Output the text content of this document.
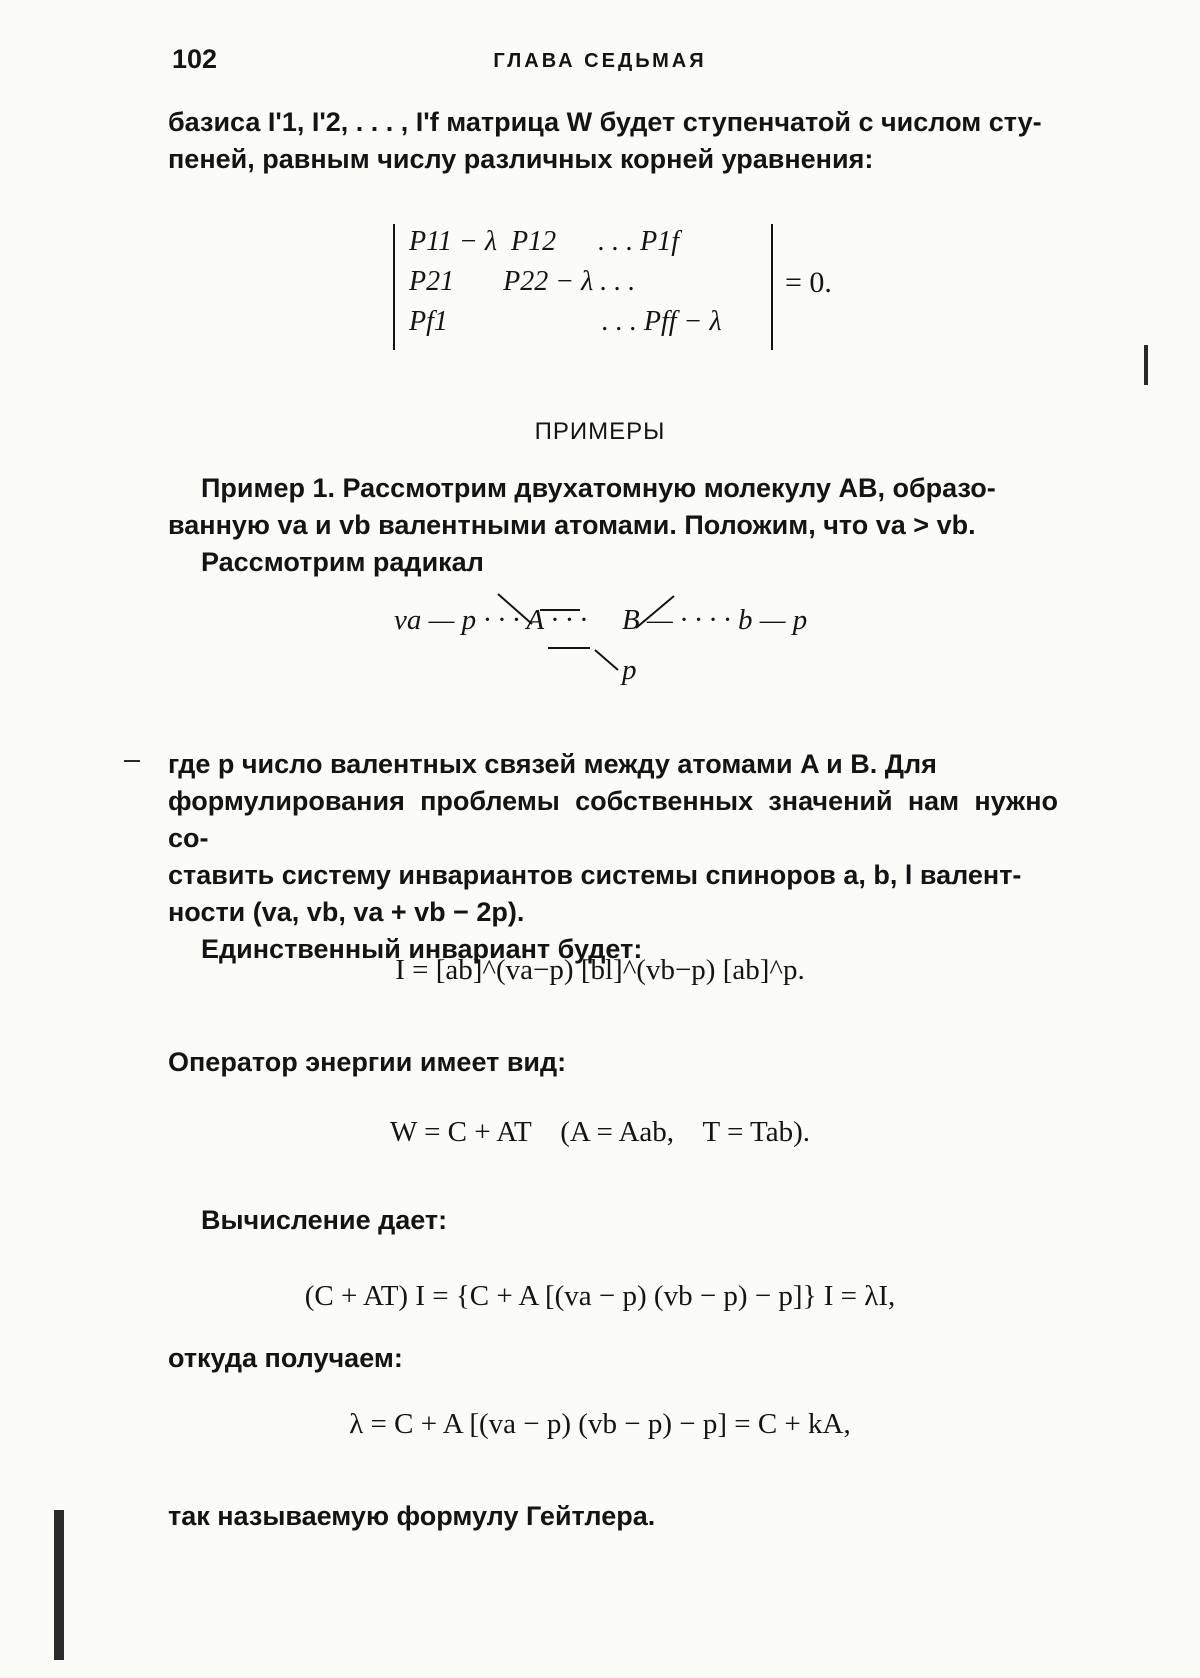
102	ГЛАВА СЕДЬМАЯ

базиса I'1, I'2, . . . , I'f матрица W будет ступенчатой с числом сту-

пеней, равным числу различных корней уравнения:

P11 − λ  P12      . . . P1f
P21       P22 − λ . . .
Pf1                      . . . Pff − λ
= 0.
ПРИМЕРЫ

Пример 1. Рассмотрим двухатомную молекулу AB, образо-

ванную va и vb валентными атомами. Положим, что va > vb.

Рассмотрим радикал

va — p · · · A · · · B — · · · · b — p
p

где p число валентных связей между атомами A и B. Для

формулирования проблемы собственных значений нам нужно со-

ставить систему инвариантов системы спиноров a, b, l валент-

ности (va, vb, va + vb − 2p).

Единственный инвариант будет:

I = [ab]^(va−p) [bl]^(vb−p) [ab]^p.

Оператор энергии имеет вид:

W = C + AT    (A = Aab,    T = Tab).

Вычисление дает:

(C + AT) I = {C + A [(va − p) (vb − p) − p]} I = λI,

откуда получаем:

λ = C + A [(va − p) (vb − p) − p] = C + kA,

так называемую формулу Гейтлера.
